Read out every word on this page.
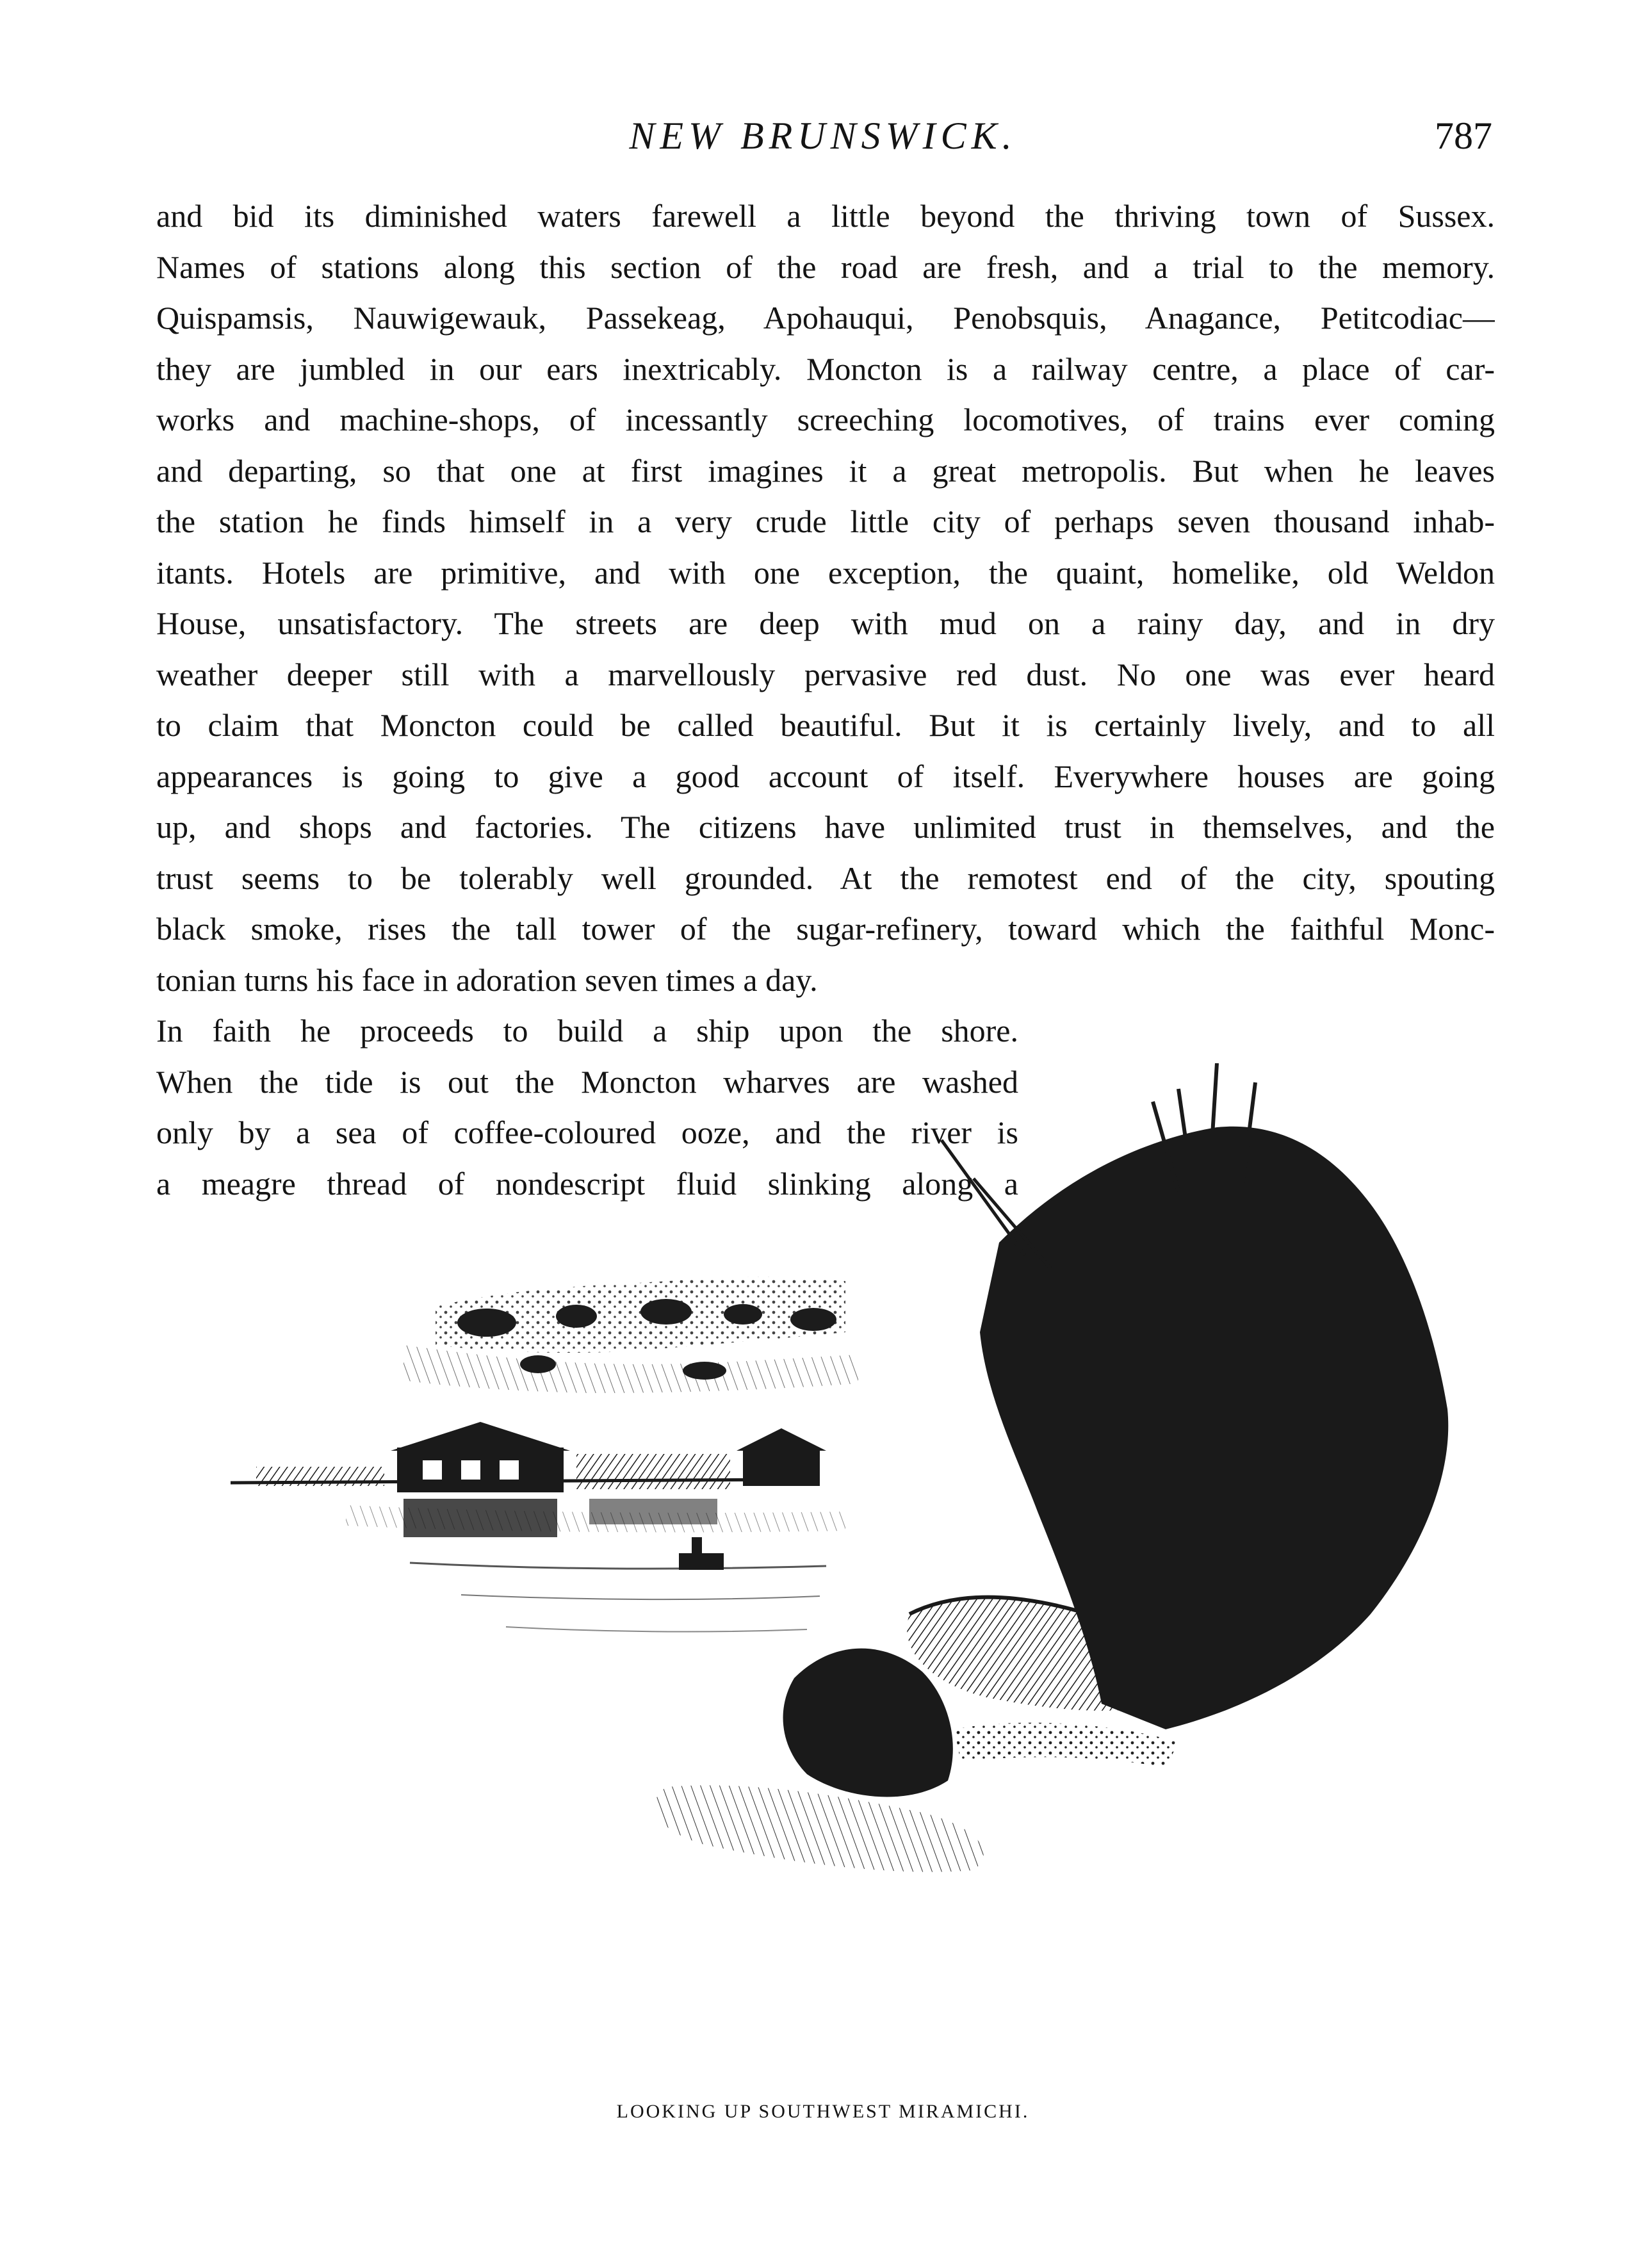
NEW BRUNSWICK.	787
and bid its diminished waters farewell a little beyond the thriving town of Sussex.
Names of stations along this section of the road are fresh, and a trial to the memory.
Quispamsis, Nauwigewauk, Passekeag, Apohauqui, Penobsquis, Anagance, Petitcodiac—
they are jumbled in our ears inextricably. Moncton is a railway centre, a place of car-
works and machine-shops, of incessantly screeching locomotives, of trains ever coming
and departing, so that one at first imagines it a great metropolis. But when he leaves
the station he finds himself in a very crude little city of perhaps seven thousand inhab-
itants. Hotels are primitive, and with one exception, the quaint, homelike, old Weldon
House, unsatisfactory. The streets are deep with mud on a rainy day, and in dry
weather deeper still with a marvellously pervasive red dust. No one was ever heard
to claim that Moncton could be called beautiful. But it is certainly lively, and to all
appearances is going to give a good account of itself. Everywhere houses are going
up, and shops and factories. The citizens have unlimited trust in themselves, and the
trust seems to be tolerably well grounded. At the remotest end of the city, spouting
black smoke, rises the tall tower of the sugar-refinery, toward which the faithful Monc-
tonian turns his face in adoration seven times a day.
In faith he proceeds to build a ship upon the shore.
When the tide is out the Moncton wharves are washed
only by a sea of coffee-coloured ooze, and the river is
a meagre thread of nondescript fluid slinking along a
LOOKING UP SOUTHWEST MIRAMICHI.
